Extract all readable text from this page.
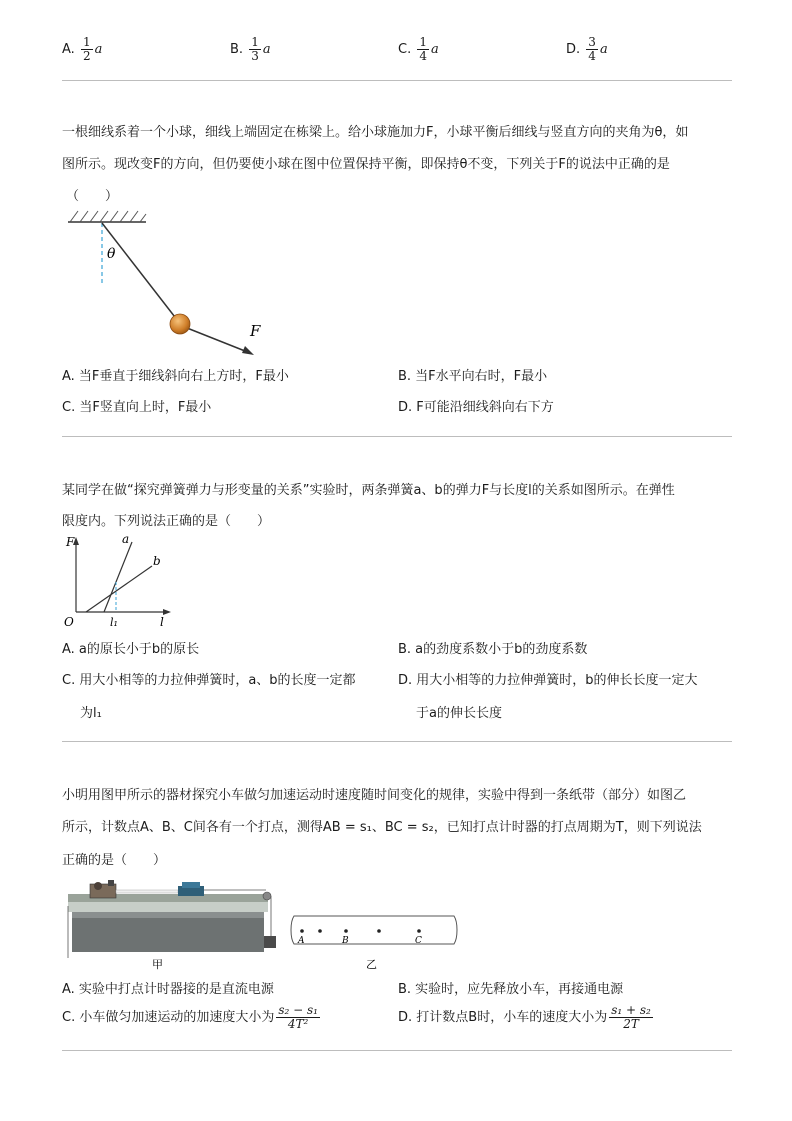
A. $\frac{1}{2}$ a	B. $\frac{1}{3}$ a	C. $\frac{1}{4}$ a	D. $\frac{3}{4}$ a
一根细线系着一个小球，细线上端固定在栋梁上。给小球施加力F，小球平衡后细线与竖直方向的夹角为θ，如
图所示。现改变F的方向，但仍要使小球在图中位置保持平衡，即保持θ不变，下列关于F的说法中正确的是
（　　）
θ
F
A. 当F垂直于细线斜向右上方时，F最小	B. 当F水平向右时，F最小
C. 当F竖直向上时，F最小	D. F可能沿细线斜向右下方
某同学在做“探究弹簧弹力与形变量的关系”实验时，两条弹簧a、b的弹力F与长度l的关系如图所示。在弹性
限度内。下列说法正确的是（　　）
F
l
O
a
b
l₁
A. a的原长小于b的原长	B. a的劲度系数小于b的劲度系数
C. 用大小相等的力拉伸弹簧时，a、b的长度一定都	D. 用大小相等的力拉伸弹簧时，b的伸长长度一定大
为l₁	于a的伸长长度
小明用图甲所示的器材探究小车做匀加速运动时速度随时间变化的规律，实验中得到一条纸带（部分）如图乙
所示，计数点A、B、C间各有一个打点，测得AB = s₁、BC = s₂，已知打点计时器的打点周期为T，则下列说法
正确的是（　　）
甲
A	B	C
乙
A. 实验中打点计时器接的是直流电源	B. 实验时，应先释放小车，再接通电源
C. 小车做匀加速运动的加速度大小为 $\frac{\text{s₂ − s₁}}{\text{4T²}}$	D. 打计数点B时，小车的速度大小为 $\frac{\text{s₁ + s₂}}{2T}$
